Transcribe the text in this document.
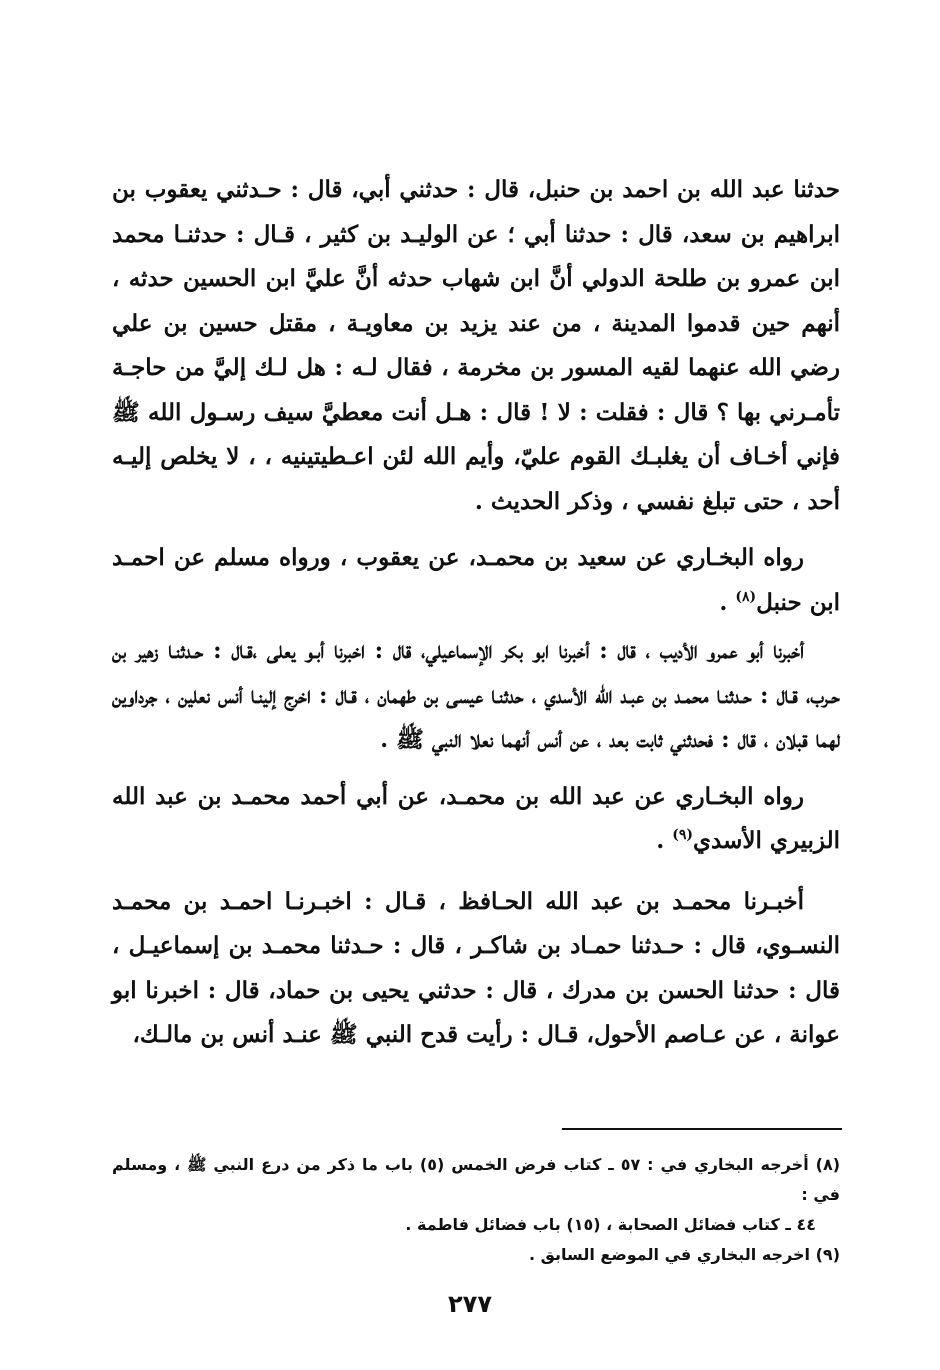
حدثنا عبد الله بن احمد بن حنبل، قال : حدثني أبي، قال : حـدثني يعقوب بن ابراهيم بن سعد، قال : حدثنا أبي ؛ عن الوليـد بن كثير ، قـال : حدثنـا محمد ابن عمرو بن طلحة الدولي أنَّ ابن شهاب حدثه أنَّ عليَّ ابن الحسين حدثه ، أنهم حين قدموا المدينة ، من عند يزيد بن معاويـة ، مقتل حسين بن علي رضي الله عنهما لقيه المسور بن مخرمة ، فقال لـه : هل لـك إليَّ من حاجـة تأمـرني بها ؟ قال : فقلت : لا ! قال : هـل أنت معطيَّ سيف رسـول الله ﷺ فإني أخـاف أن يغلبـك القوم عليّ، وأيم الله لئن اعـطيتينيه ، ، لا يخلص إليـه أحد ، حتى تبلغ نفسي ، وذكر الحديث .

رواه البخـاري عن سعيد بن محمـد، عن يعقوب ، ورواه مسلم عن احمـد ابن حنبل$^{(٨)}$ .

أخبرنا أبو عمرو الأديب ، قال : أخبرنا ابو بكر الإسماعيلي، قال : اخبرنا أبـو يعلى ،قـال : حـدثنـا زهير بن حـرب، قـال : حـدثنـا محمـد بن عبـد الله الأسدي ، حدثنـا عيسى بن طهمان ، قـال : اخرج إلينـا أنس نعلين ، جرداوين لهما قبلان ، قال : فحدثني ثابت بعد ، عن أنس أنهما نعلا النبي ﷺ .

رواه البخـاري عن عبد الله بن محمـد، عن أبي أحمد محمـد بن عبد الله الزبيري الأسدي$^{(٩)}$ .

أخبـرنا محمـد بن عبد الله الحـافظ ، قـال : اخبـرنـا احمـد بن محمـد النسـوي، قال : حـدثنا حمـاد بن شاكـر ، قال : حـدثنا محمـد بن إسماعيـل ، قال : حدثنا الحسن بن مدرك ، قال : حدثني يحيى بن حماد، قال : اخبرنا ابو عوانة ، عن عـاصم الأحول، قـال : رأيت قدح النبي ﷺ عنـد أنس بن مالـك،

(٨) أخرجه البخاري في : ٥٧ ـ كتاب فرض الخمس (٥) باب ما ذكر من درع النبي ﷺ ، ومسلم في :

٤٤ ـ كتاب فضائل الصحابة ، (١٥) باب فضائل فاطمة .

(٩) اخرجه البخاري في الموضع السابق .

٢٧٧
